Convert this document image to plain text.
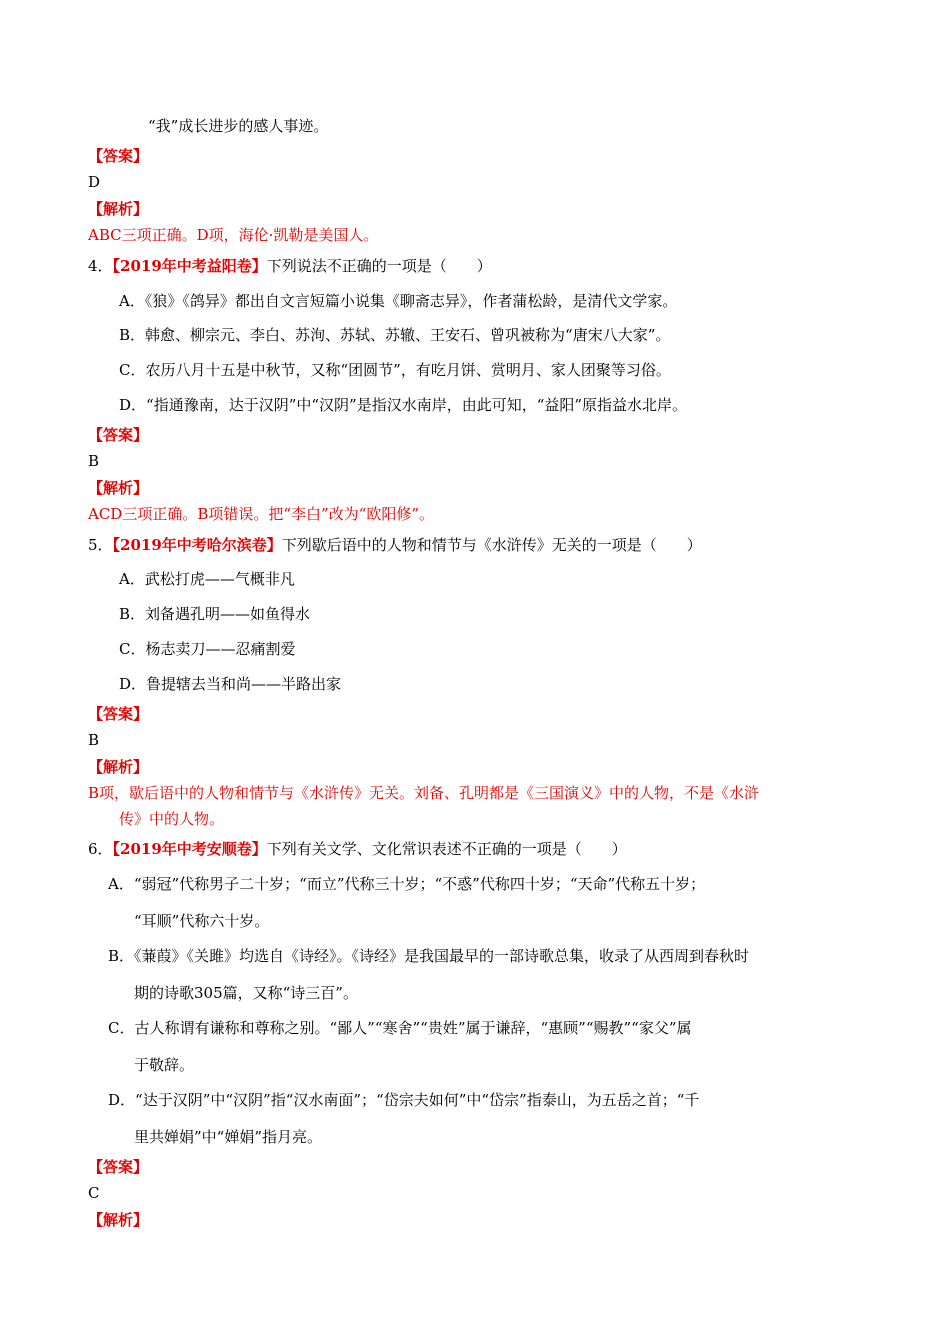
“我”成长进步的感人事迹。
【答案】
D
【解析】
ABC三项正确。D项，海伦·凯勒是美国人。
4．【2019年中考益阳卷】下列说法不正确的一项是（　　）
A．《狼》《鸽异》都出自文言短篇小说集《聊斋志异》，作者蒲松龄，是清代文学家。
B．韩愈、柳宗元、李白、苏洵、苏轼、苏辙、王安石、曾巩被称为“唐宋八大家”。
C．农历八月十五是中秋节，又称“团圆节”，有吃月饼、赏明月、家人团聚等习俗。
D．“指通豫南，达于汉阴”中“汉阴”是指汉水南岸，由此可知，“益阳”原指益水北岸。
【答案】
B
【解析】
ACD三项正确。B项错误。把“李白”改为“欧阳修”。
5．【2019年中考哈尔滨卷】下列歇后语中的人物和情节与《水浒传》无关的一项是（　　）
A．武松打虎——气概非凡
B．刘备遇孔明——如鱼得水
C．杨志卖刀——忍痛割爱
D．鲁提辖去当和尚——半路出家
【答案】
B
【解析】
B项，歇后语中的人物和情节与《水浒传》无关。刘备、孔明都是《三国演义》中的人物，不是《水浒
传》中的人物。
6．【2019年中考安顺卷】下列有关文学、文化常识表述不正确的一项是（　　）
A．“弱冠”代称男子二十岁；“而立”代称三十岁；“不惑”代称四十岁；“天命”代称五十岁；
“耳顺”代称六十岁。
B．《蒹葭》《关雎》均选自《诗经》。《诗经》是我国最早的一部诗歌总集，收录了从西周到春秋时
期的诗歌305篇，又称“诗三百”。
C．古人称谓有谦称和尊称之别。“鄙人”“寒舍”“贵姓”属于谦辞，“惠顾”“赐教”“家父”属
于敬辞。
D．“达于汉阴”中“汉阴”指“汉水南面”；“岱宗夫如何”中“岱宗”指泰山，为五岳之首；“千
里共婵娟”中“婵娟”指月亮。
【答案】
C
【解析】
